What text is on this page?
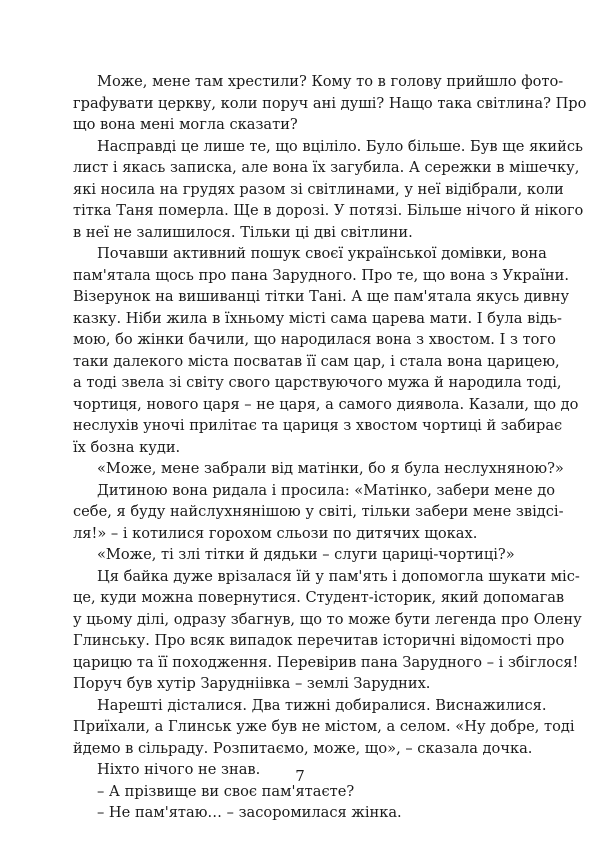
Може, мене там хрестили? Кому то в голову прийшло фото-
графувати церкву, коли поруч ані душі? Нащо така світлина? Про
що вона мені могла сказати?
Насправді це лише те, що вціліло. Було більше. Був ще якийсь
лист і якась записка, але вона їх загубила. А сережки в мішечку,
які носила на грудях разом зі світлинами, у неї відібрали, коли
тітка Таня померла. Ще в дорозі. У потязі. Більше нічого й нікого
в неї не залишилося. Тільки ці дві світлини.
Почавши активний пошук своєї української домівки, вона
пам'ятала щось про пана Зарудного. Про те, що вона з України.
Візерунок на вишиванці тітки Тані. А ще пам'ятала якусь дивну
казку. Ніби жила в їхньому місті сама царева мати. І була відь-
мою, бо жінки бачили, що народилася вона з хвостом. І з того
таки далекого міста посватав її сам цар, і стала вона царицею,
а тоді звела зі світу свого царствуючого мужа й народила тоді,
чортиця, нового царя – не царя, а самого диявола. Казали, що до
неслухів уночі прилітає та цариця з хвостом чортиці й забирає
їх бозна куди.
«Може, мене забрали від матінки, бо я була неслухняною?»
Дитиною вона ридала і просила: «Матінко, забери мене до
себе, я буду найслухнянішою у світі, тільки забери мене звідсі-
ля!» – і котилися горохом сльози по дитячих щоках.
«Може, ті злі тітки й дядьки – слуги цариці-чортиці?»
Ця байка дуже врізалася їй у пам'ять і допомогла шукати міс-
це, куди можна повернутися. Студент-історик, який допомагав
у цьому ділі, одразу збагнув, що то може бути легенда про Олену
Глинську. Про всяк випадок перечитав історичні відомості про
царицю та її походження. Перевірив пана Зарудного – і збіглося!
Поруч був хутір Зарудніівка – землі Зарудних.
Нарешті дісталися. Два тижні добиралися. Виснажилися.
Приїхали, а Глинськ уже був не містом, а селом. «Ну добре, тоді
йдемо в сільраду. Розпитаємо, може, що», – сказала дочка.
Ніхто нічого не знав.
– А прізвище ви своє пам'ятаєте?
– Не пам'ятаю… – засоромилася жінка.
7
